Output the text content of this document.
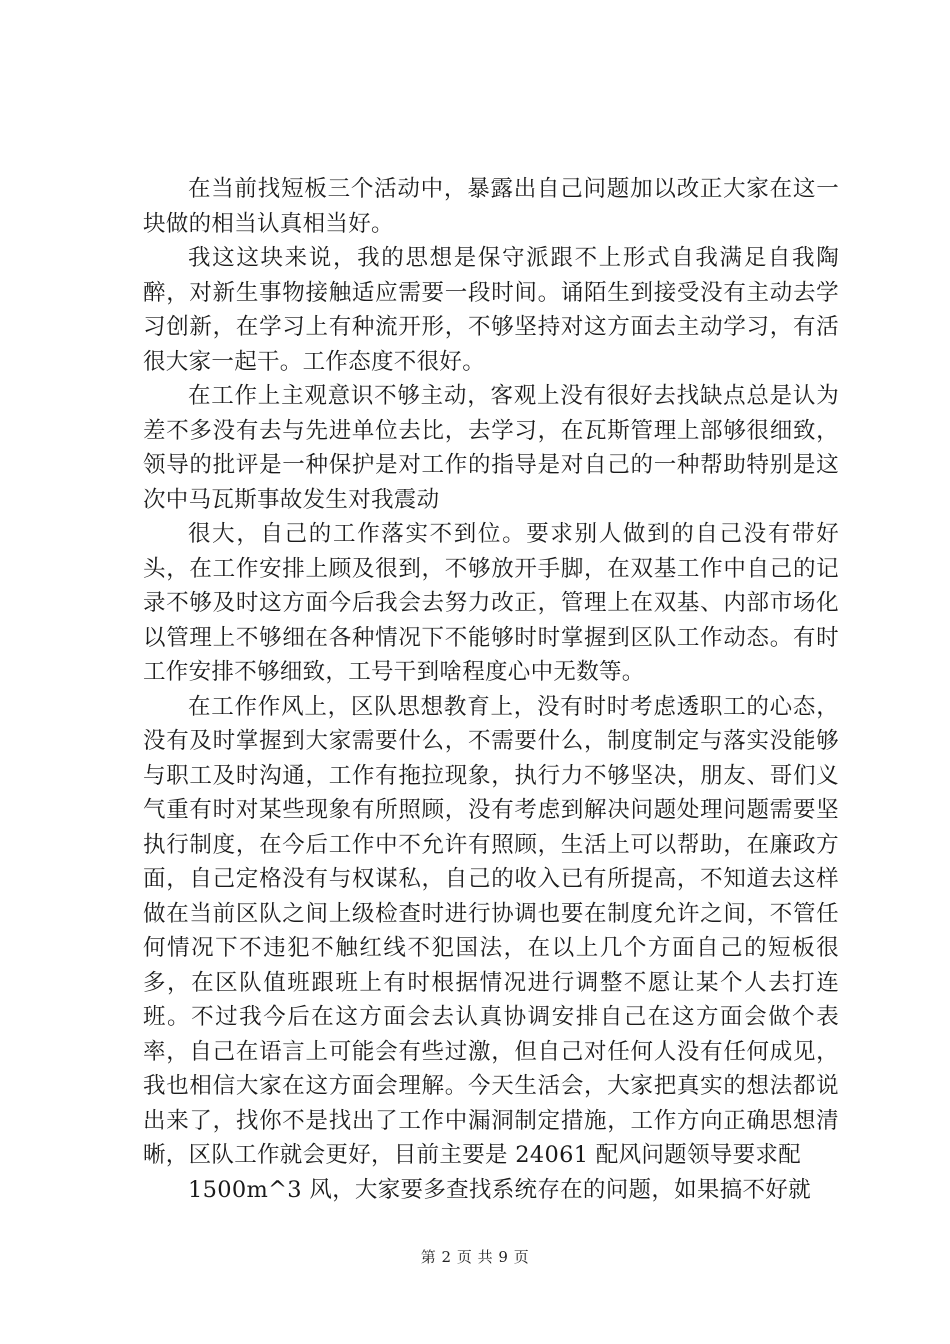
在当前找短板三个活动中，暴露出自己问题加以改正大家在这一块做的相当认真相当好。

我这这块来说，我的思想是保守派跟不上形式自我满足自我陶醉，对新生事物接触适应需要一段时间。诵陌生到接受没有主动去学习创新，在学习上有种流开形，不够坚持对这方面去主动学习，有活很大家一起干。工作态度不很好。

在工作上主观意识不够主动，客观上没有很好去找缺点总是认为差不多没有去与先进单位去比，去学习，在瓦斯管理上部够很细致，领导的批评是一种保护是对工作的指导是对自己的一种帮助特别是这次中马瓦斯事故发生对我震动

很大，自己的工作落实不到位。要求别人做到的自己没有带好头，在工作安排上顾及很到，不够放开手脚，在双基工作中自己的记录不够及时这方面今后我会去努力改正，管理上在双基、内部市场化以管理上不够细在各种情况下不能够时时掌握到区队工作动态。有时工作安排不够细致，工号干到啥程度心中无数等。

在工作作风上，区队思想教育上，没有时时考虑透职工的心态，没有及时掌握到大家需要什么，不需要什么，制度制定与落实没能够与职工及时沟通，工作有拖拉现象，执行力不够坚决，朋友、哥们义气重有时对某些现象有所照顾，没有考虑到解决问题处理问题需要坚执行制度，在今后工作中不允许有照顾，生活上可以帮助，在廉政方面，自己定格没有与权谋私，自己的收入已有所提高，不知道去这样做在当前区队之间上级检查时进行协调也要在制度允许之间，不管任何情况下不违犯不触红线不犯国法，在以上几个方面自己的短板很多，在区队值班跟班上有时根据情况进行调整不愿让某个人去打连班。不过我今后在这方面会去认真协调安排自己在这方面会做个表率，自己在语言上可能会有些过激，但自己对任何人没有任何成见，我也相信大家在这方面会理解。今天生活会，大家把真实的想法都说出来了，找你不是找出了工作中漏洞制定措施，工作方向正确思想清晰，区队工作就会更好，目前主要是 24061 配风问题领导要求配

1500m^3 风，大家要多查找系统存在的问题，如果搞不好就

第 2 页 共 9 页
